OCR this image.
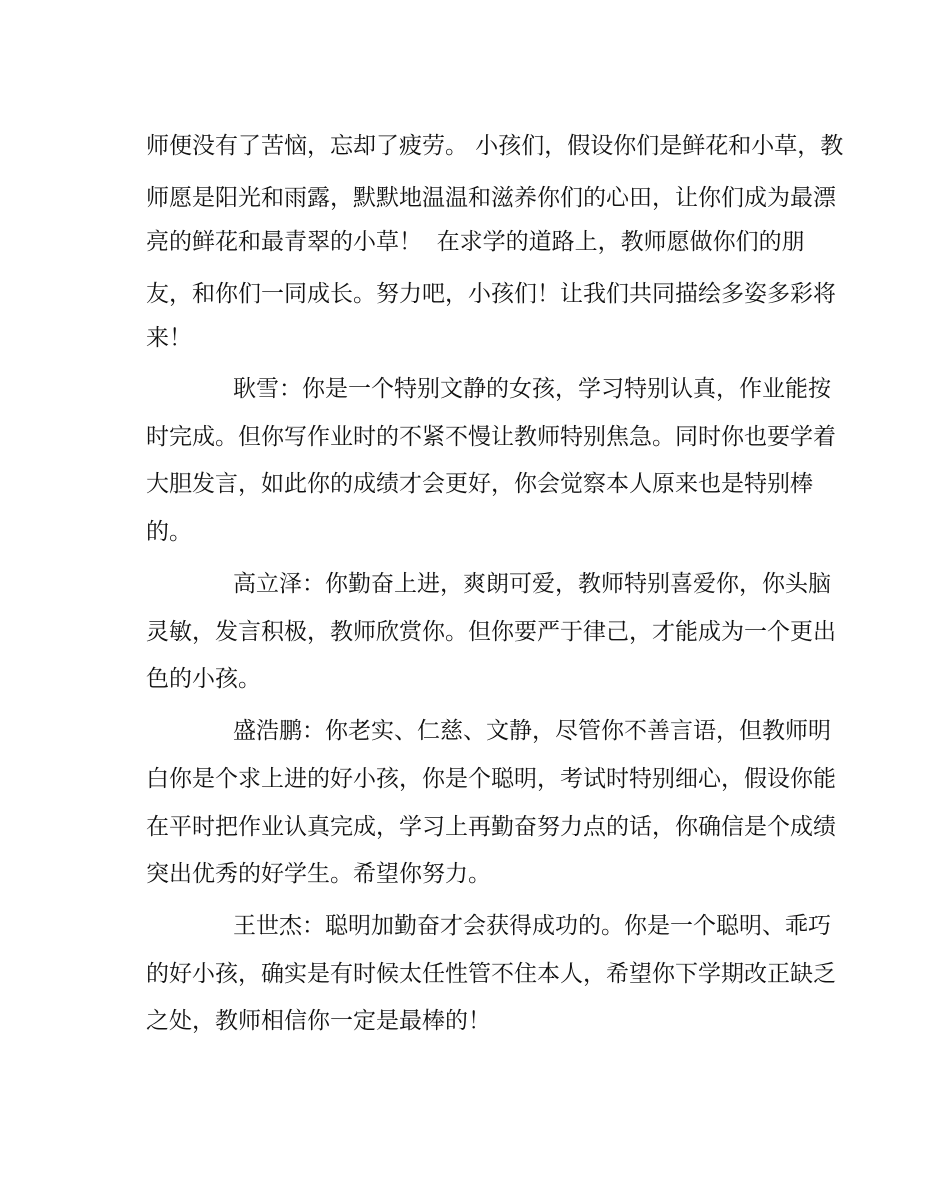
师便没有了苦恼，忘却了疲劳。 小孩们，假设你们是鲜花和小草，教

师愿是阳光和雨露，默默地温温和滋养你们的心田，让你们成为最漂

亮的鲜花和最青翠的小草！  在求学的道路上，教师愿做你们的朋

友，和你们一同成长。努力吧，小孩们！让我们共同描绘多姿多彩将

来！

耿雪：你是一个特别文静的女孩，学习特别认真，作业能按

时完成。但你写作业时的不紧不慢让教师特别焦急。同时你也要学着

大胆发言，如此你的成绩才会更好，你会觉察本人原来也是特别棒

的。

高立泽：你勤奋上进，爽朗可爱，教师特别喜爱你，你头脑

灵敏，发言积极，教师欣赏你。但你要严于律己，才能成为一个更出

色的小孩。

盛浩鹏：你老实、仁慈、文静，尽管你不善言语，但教师明

白你是个求上进的好小孩，你是个聪明，考试时特别细心，假设你能

在平时把作业认真完成，学习上再勤奋努力点的话，你确信是个成绩

突出优秀的好学生。希望你努力。

王世杰：聪明加勤奋才会获得成功的。你是一个聪明、乖巧

的好小孩，确实是有时候太任性管不住本人，希望你下学期改正缺乏

之处，教师相信你一定是最棒的！
